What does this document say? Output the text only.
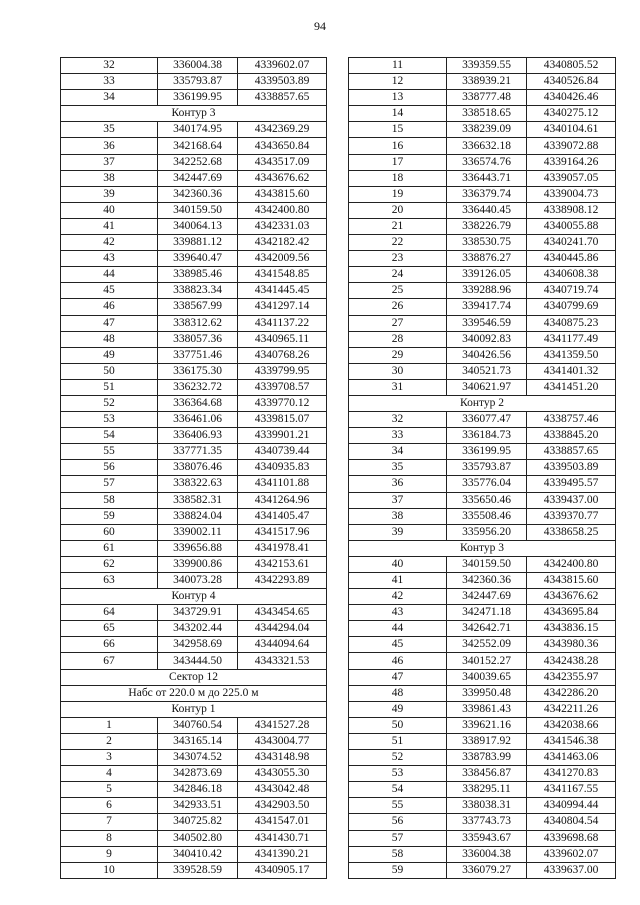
94
32	336004.38	4339602.07
33	335793.87	4339503.89
34	336199.95	4338857.65
Контур 3		
35	340174.95	4342369.29
36	342168.64	4343650.84
37	342252.68	4343517.09
38	342447.69	4343676.62
39	342360.36	4343815.60
40	340159.50	4342400.80
41	340064.13	4342331.03
42	339881.12	4342182.42
43	339640.47	4342009.56
44	338985.46	4341548.85
45	338823.34	4341445.45
46	338567.99	4341297.14
47	338312.62	4341137.22
48	338057.36	4340965.11
49	337751.46	4340768.26
50	336175.30	4339799.95
51	336232.72	4339708.57
52	336364.68	4339770.12
53	336461.06	4339815.07
54	336406.93	4339901.21
55	337771.35	4340739.44
56	338076.46	4340935.83
57	338322.63	4341101.88
58	338582.31	4341264.96
59	338824.04	4341405.47
60	339002.11	4341517.96
61	339656.88	4341978.41
62	339900.86	4342153.61
63	340073.28	4342293.89
Контур 4		
64	343729.91	4343454.65
65	343202.44	4344294.04
66	342958.69	4344094.64
67	343444.50	4343321.53
Сектор 12		
Набс от 220.0 м до 225.0 м		
Контур 1		
1	340760.54	4341527.28
2	343165.14	4343004.77
3	343074.52	4343148.98
4	342873.69	4343055.30
5	342846.18	4343042.48
6	342933.51	4342903.50
7	340725.82	4341547.01
8	340502.80	4341430.71
9	340410.42	4341390.21
10	339528.59	4340905.17
11	339359.55	4340805.52
12	338939.21	4340526.84
13	338777.48	4340426.46
14	338518.65	4340275.12
15	338239.09	4340104.61
16	336632.18	4339072.88
17	336574.76	4339164.26
18	336443.71	4339057.05
19	336379.74	4339004.73
20	336440.45	4338908.12
21	338226.79	4340055.88
22	338530.75	4340241.70
23	338876.27	4340445.86
24	339126.05	4340608.38
25	339288.96	4340719.74
26	339417.74	4340799.69
27	339546.59	4340875.23
28	340092.83	4341177.49
29	340426.56	4341359.50
30	340521.73	4341401.32
31	340621.97	4341451.20
Контур 2		
32	336077.47	4338757.46
33	336184.73	4338845.20
34	336199.95	4338857.65
35	335793.87	4339503.89
36	335776.04	4339495.57
37	335650.46	4339437.00
38	335508.46	4339370.77
39	335956.20	4338658.25
Контур 3		
40	340159.50	4342400.80
41	342360.36	4343815.60
42	342447.69	4343676.62
43	342471.18	4343695.84
44	342642.71	4343836.15
45	342552.09	4343980.36
46	340152.27	4342438.28
47	340039.65	4342355.97
48	339950.48	4342286.20
49	339861.43	4342211.26
50	339621.16	4342038.66
51	338917.92	4341546.38
52	338783.99	4341463.06
53	338456.87	4341270.83
54	338295.11	4341167.55
55	338038.31	4340994.44
56	337743.73	4340804.54
57	335943.67	4339698.68
58	336004.38	4339602.07
59	336079.27	4339637.00
